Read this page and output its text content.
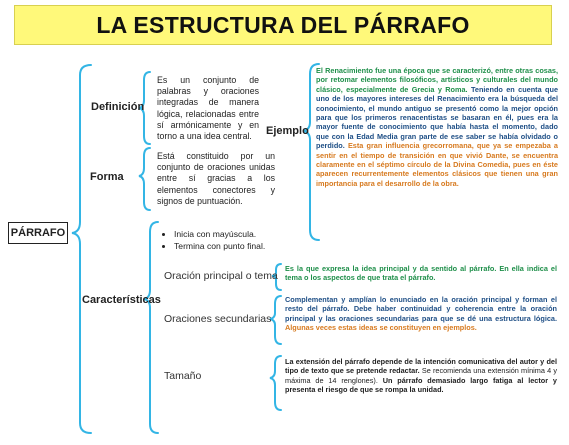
LA ESTRUCTURA DEL PÁRRAFO
PÁRRAFO
Definición
Es un conjunto de palabras y oraciones integradas de manera lógica, relacionadas entre sí armónicamente y en torno a una idea central.
Forma
Está constituido por un conjunto de oraciones unidas entre sí gracias a los elementos conectores y signos de puntuación.
Ejemplo
El Renacimiento fue una época que se caracterizó, entre otras cosas, por retomar elementos filosóficos, artísticos y culturales del mundo clásico, especialmente de Grecia y Roma. Teniendo en cuenta que uno de los mayores intereses del Renacimiento era la búsqueda del conocimiento, el mundo antiguo se presentó como la mejor opción para que los primeros renacentistas se basaran en él, pues era la mayor fuente de conocimiento que había hasta el momento, dado que con la Edad Media gran parte de ese saber se había olvidado o perdido. Esta gran influencia grecorromana, que ya se empezaba a sentir en el tiempo de transición en que vivió Dante, se encuentra claramente en el séptimo círculo de la Divina Comedia, pues en éste aparecen recurrentemente elementos clásicos que tienen una gran importancia para el desarrollo de la obra.
Características
• Inicia con mayúscula.
• Termina con punto final.
Oración principal o tema
Es la que expresa la idea principal y da sentido al párrafo. En ella indica el tema o los aspectos de que trata el párrafo.
Oraciones secundarias
Complementan y amplían lo enunciado en la oración principal y forman el resto del párrafo. Debe haber continuidad y coherencia entre la oración principal y las oraciones secundarias para que se dé una estructura lógica. Algunas veces estas ideas se constituyen en ejemplos.
Tamaño
La extensión del párrafo depende de la intención comunicativa del autor y del tipo de texto que se pretende redactar. Se recomienda una extensión mínima 4 y máxima de 14 renglones). Un párrafo demasiado largo fatiga al lector y presenta el riesgo de que se rompa la unidad.
